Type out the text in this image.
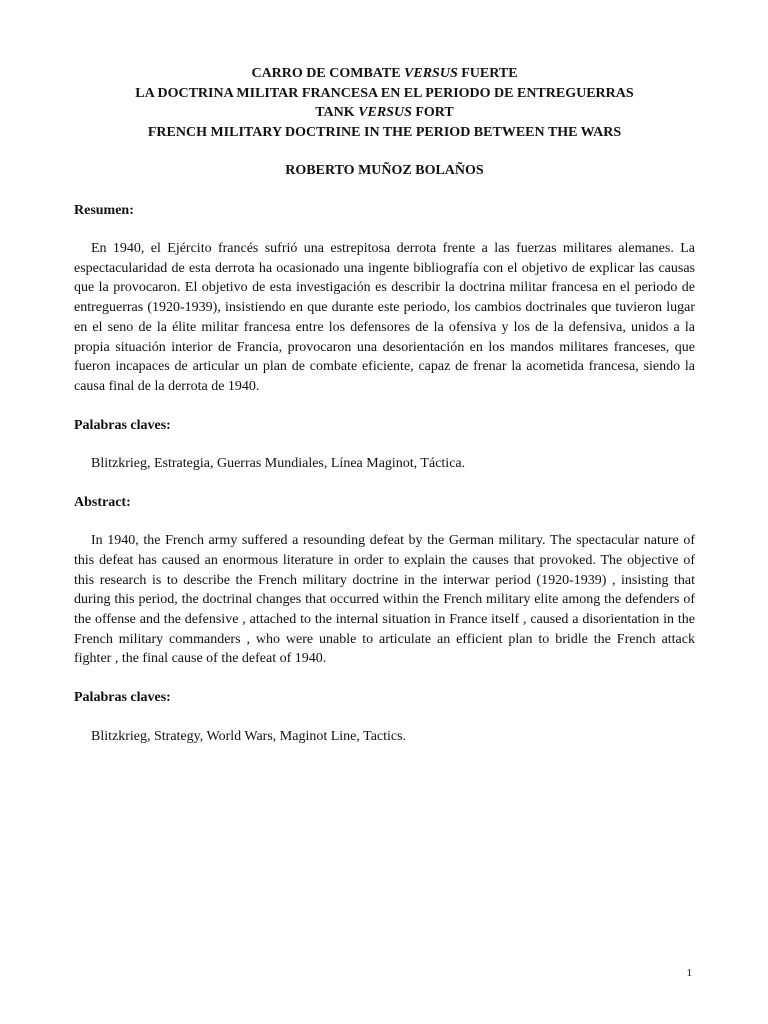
CARRO DE COMBATE VERSUS FUERTE
LA DOCTRINA MILITAR FRANCESA EN EL PERIODO DE ENTREGUERRAS
TANK VERSUS FORT
FRENCH MILITARY DOCTRINE IN THE PERIOD BETWEEN THE WARS
ROBERTO MUÑOZ BOLAÑOS
Resumen:
En 1940, el Ejército francés sufrió una estrepitosa derrota frente a las fuerzas militares alemanes. La espectacularidad de esta derrota ha ocasionado una ingente bibliografía con el objetivo de explicar las causas que la provocaron. El objetivo de esta investigación es describir la doctrina militar francesa en el periodo de entreguerras (1920-1939), insistiendo en que durante este periodo, los cambios doctrinales que tuvieron lugar en el seno de la élite militar francesa entre los defensores de la ofensiva y los de la defensiva, unidos a la propia situación interior de Francia, provocaron una desorientación en los mandos militares franceses, que fueron incapaces de articular un plan de combate eficiente, capaz de frenar la acometida francesa, siendo la causa final de la derrota de 1940.
Palabras claves:
Blitzkrieg, Estrategia, Guerras Mundiales, Línea Maginot, Táctica.
Abstract:
In 1940, the French army suffered a resounding defeat by the German military. The spectacular nature of this defeat has caused an enormous literature in order to explain the causes that provoked. The objective of this research is to describe the French military doctrine in the interwar period (1920-1939) , insisting that during this period, the doctrinal changes that occurred within the French military elite among the defenders of the offense and the defensive , attached to the internal situation in France itself , caused a disorientation in the French military commanders , who were unable to articulate an efficient plan to bridle the French attack fighter , the final cause of the defeat of 1940.
Palabras claves:
Blitzkrieg, Strategy, World Wars, Maginot Line, Tactics.
1
